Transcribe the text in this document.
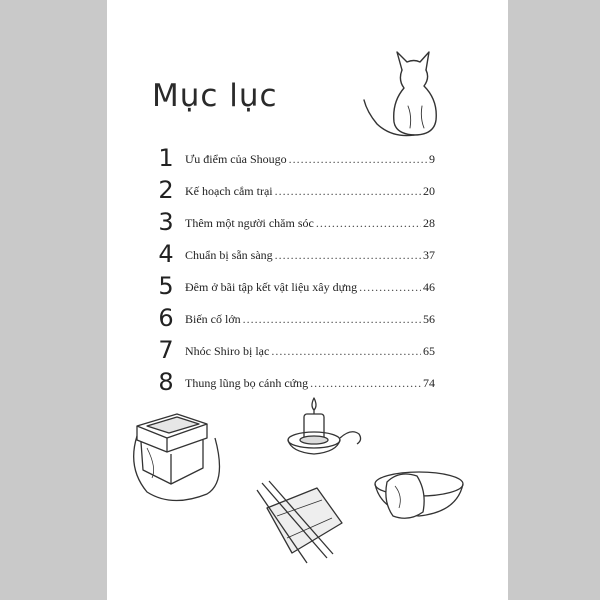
Mục lục
1 Ưu điểm của Shougo .....	9
2 Kế hoạch cắm trại .....	20
3 Thêm một người chăm sóc .....	28
4 Chuẩn bị sẵn sàng .....	37
5 Đêm ở bãi tập kết vật liệu xây dựng .....	46
6 Biến cố lớn .....	56
7 Nhóc Shiro bị lạc .....	65
8 Thung lũng bọ cánh cứng .....	74
